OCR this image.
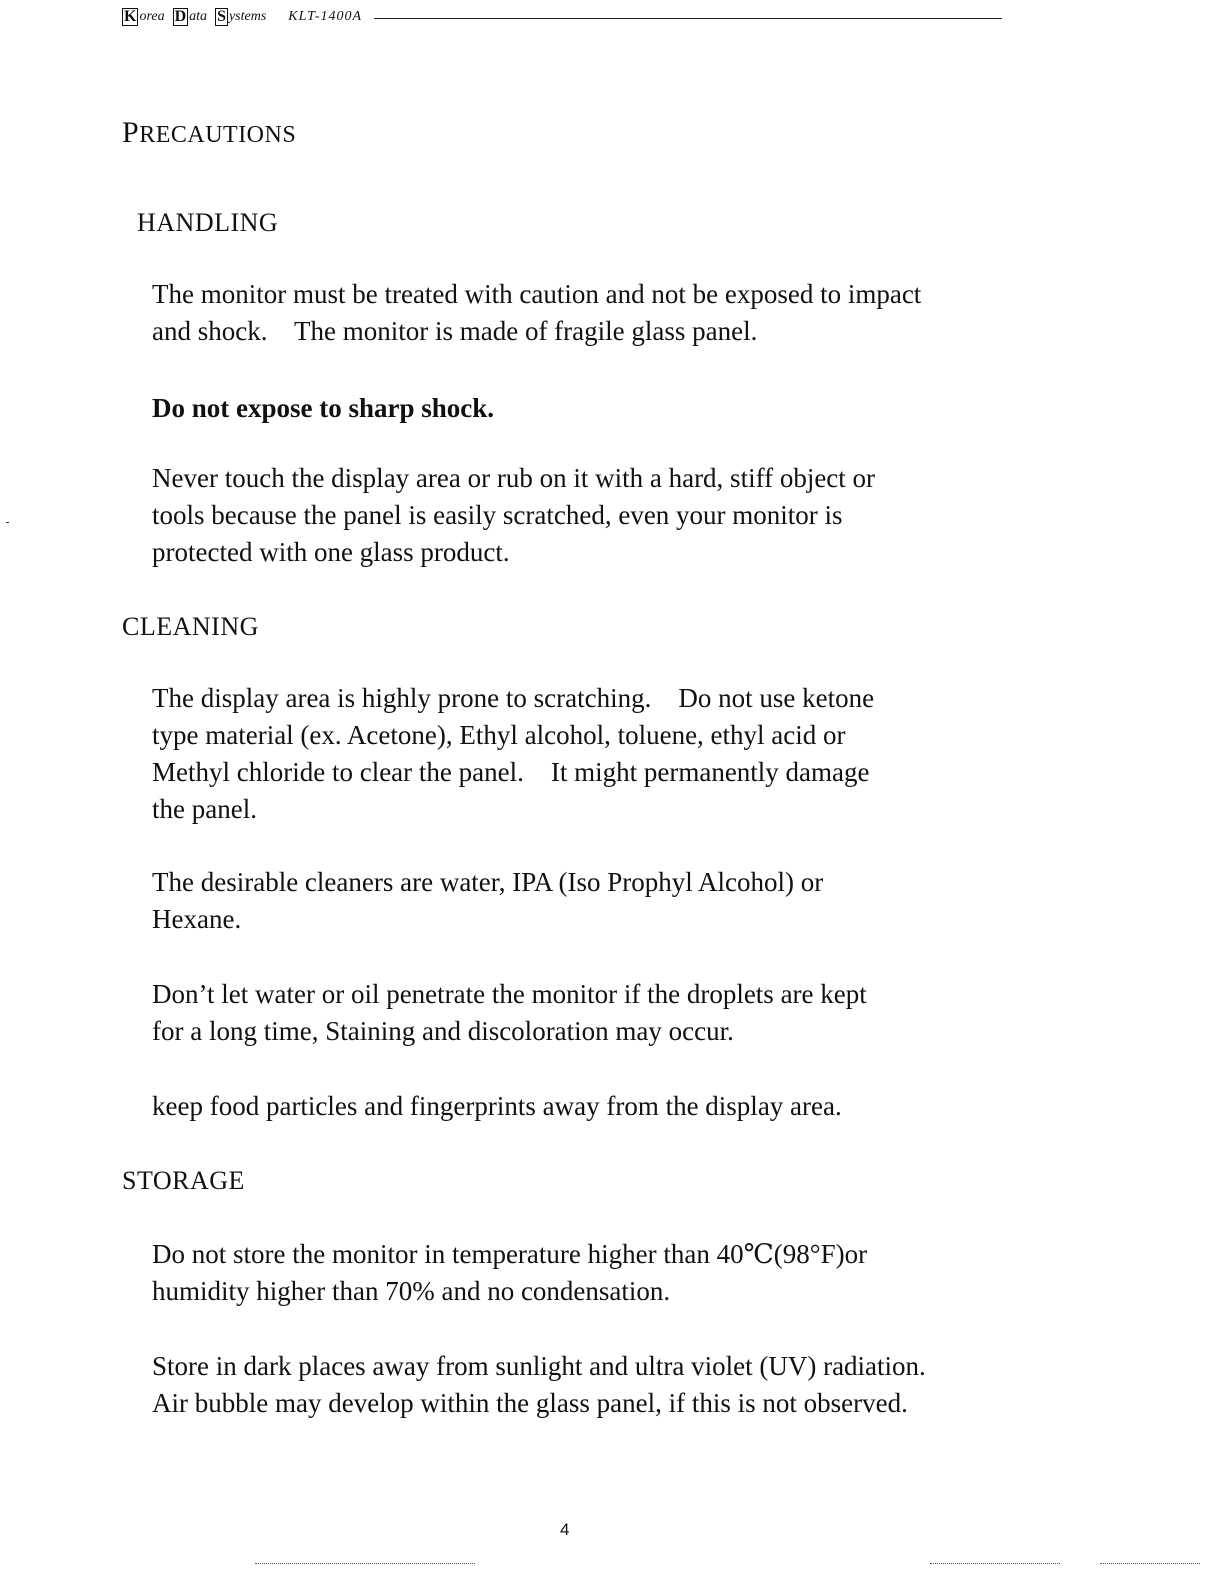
K orea D ata S ystems KLT-1400A
PRECAUTIONS
HANDLING
The monitor must be treated with caution and not be exposed to impact
and shock.    The monitor is made of fragile glass panel.
Do not expose to sharp shock.
Never touch the display area or rub on it with a hard, stiff object or
tools because the panel is easily scratched, even your monitor is
protected with one glass product.
CLEANING
The display area is highly prone to scratching.    Do not use ketone
type material (ex. Acetone), Ethyl alcohol, toluene, ethyl acid or
Methyl chloride to clear the panel.    It might permanently damage
the panel.
The desirable cleaners are water, IPA (Iso Prophyl Alcohol) or
Hexane.
Don’t let water or oil penetrate the monitor if the droplets are kept
for a long time, Staining and discoloration may occur.
keep food particles and fingerprints away from the display area.
STORAGE
Do not store the monitor in temperature higher than 40℃(98°F)or
humidity higher than 70% and no condensation.
Store in dark places away from sunlight and ultra violet (UV) radiation.
Air bubble may develop within the glass panel, if this is not observed.
4
